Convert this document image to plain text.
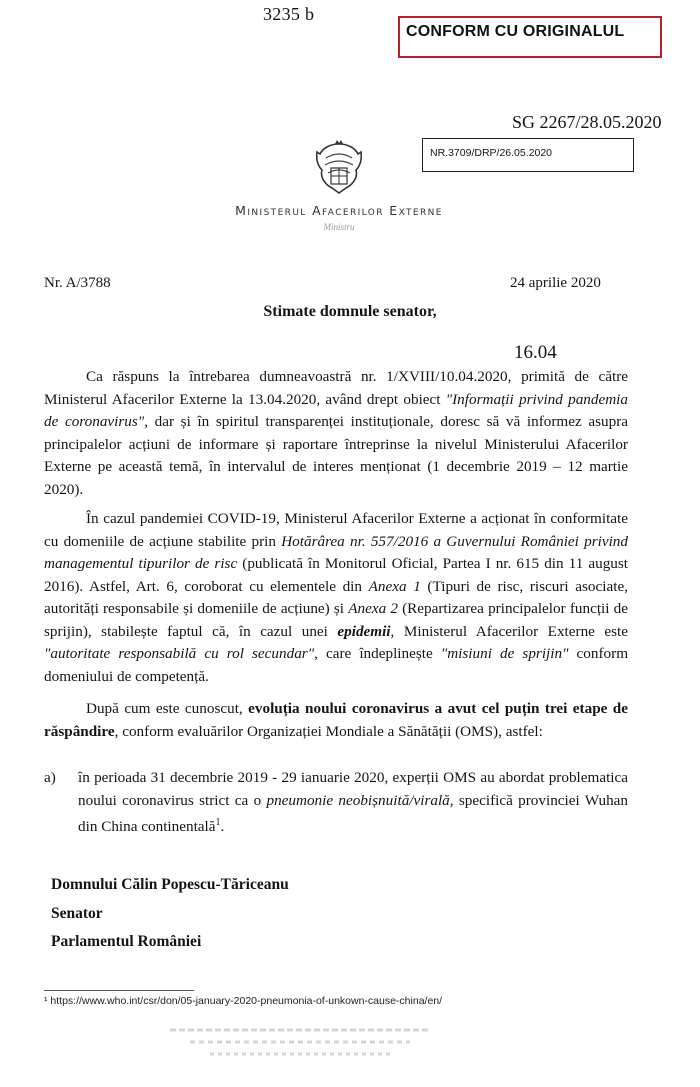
3235 b
CONFORM CU ORIGINALUL
SG 2267/28.05.2020
NR.3709/DRP/26.05.2020
Ministerul Afacerilor Externe
Ministru
Nr. A/3788	24 aprilie 2020
Stimate domnule senator,
16.04

Ca răspuns la întrebarea dumneavoastră nr. 1/XVIII/10.04.2020, primită de către Ministerul Afacerilor Externe la 13.04.2020, având drept obiect "Informații privind pandemia de coronavirus", dar și în spiritul transparenței instituționale, doresc să vă informez asupra principalelor acțiuni de informare și raportare întreprinse la nivelul Ministerului Afacerilor Externe pe această temă, în intervalul de interes menționat (1 decembrie 2019 – 12 martie 2020).

În cazul pandemiei COVID-19, Ministerul Afacerilor Externe a acționat în conformitate cu domeniile de acțiune stabilite prin Hotărârea nr. 557/2016 a Guvernului României privind managementul tipurilor de risc (publicată în Monitorul Oficial, Partea I nr. 615 din 11 august 2016). Astfel, Art. 6, coroborat cu elementele din Anexa 1 (Tipuri de risc, riscuri asociate, autorități responsabile și domeniile de acțiune) și Anexa 2 (Repartizarea principalelor funcții de sprijin), stabilește faptul că, în cazul unei epidemii, Ministerul Afacerilor Externe este "autoritate responsabilă cu rol secundar", care îndeplinește "misiuni de sprijin" conform domeniului de competență.

După cum este cunoscut, evoluția noului coronavirus a avut cel puțin trei etape de răspândire, conform evaluărilor Organizației Mondiale a Sănătății (OMS), astfel:

a) în perioada 31 decembrie 2019 - 29 ianuarie 2020, experții OMS au abordat problematica noului coronavirus strict ca o pneumonie neobișnuită/virală, specifică provinciei Wuhan din China continentală$^1$.
Domnului Călin Popescu-Tăriceanu
Senator
Parlamentul României
¹ https://www.who.int/csr/don/05-january-2020-pneumonia-of-unkown-cause-china/en/
